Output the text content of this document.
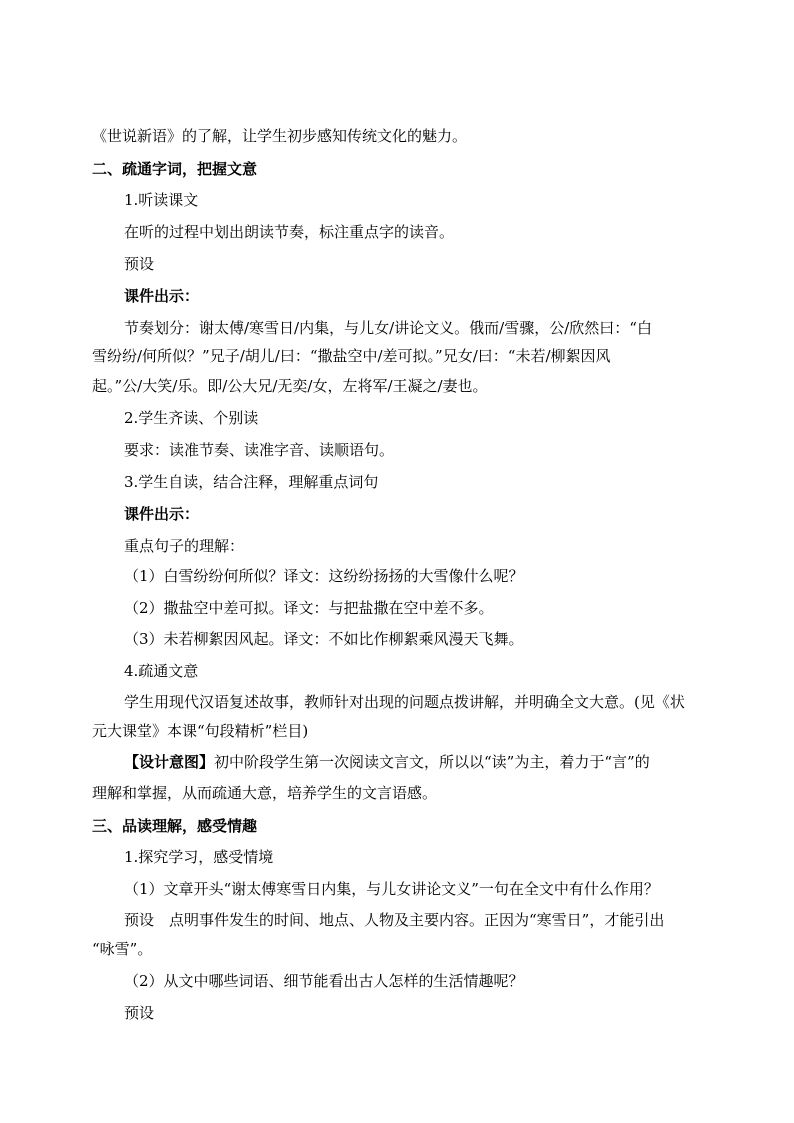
《世说新语》的了解，让学生初步感知传统文化的魅力。
二、疏通字词，把握文意
1.听读课文
在听的过程中划出朗读节奏，标注重点字的读音。
预设
课件出示：
节奏划分：谢太傅/寒雪日/内集，与儿女/讲论文义。俄而/雪骤，公/欣然曰：“白
雪纷纷/何所似？”兄子/胡儿/曰：“撒盐空中/差可拟。”兄女/曰：“未若/柳絮因风
起。”公/大笑/乐。即/公大兄/无奕/女，左将军/王凝之/妻也。
2.学生齐读、个别读
要求：读准节奏、读准字音、读顺语句。
3.学生自读，结合注释，理解重点词句
课件出示：
重点句子的理解：
（1）白雪纷纷何所似？译文：这纷纷扬扬的大雪像什么呢？
（2）撒盐空中差可拟。译文：与把盐撒在空中差不多。
（3）未若柳絮因风起。译文：不如比作柳絮乘风漫天飞舞。
4.疏通文意
学生用现代汉语复述故事，教师针对出现的问题点拨讲解，并明确全文大意。(见《状
元大课堂》本课“句段精析”栏目)
【设计意图】初中阶段学生第一次阅读文言文，所以以“读”为主，着力于“言”的
理解和掌握，从而疏通大意，培养学生的文言语感。
三、品读理解，感受情趣
1.探究学习，感受情境
（1）文章开头“谢太傅寒雪日内集，与儿女讲论文义”一句在全文中有什么作用？
预设　点明事件发生的时间、地点、人物及主要内容。正因为“寒雪日”，才能引出
“咏雪”。
（2）从文中哪些词语、细节能看出古人怎样的生活情趣呢？
预设
